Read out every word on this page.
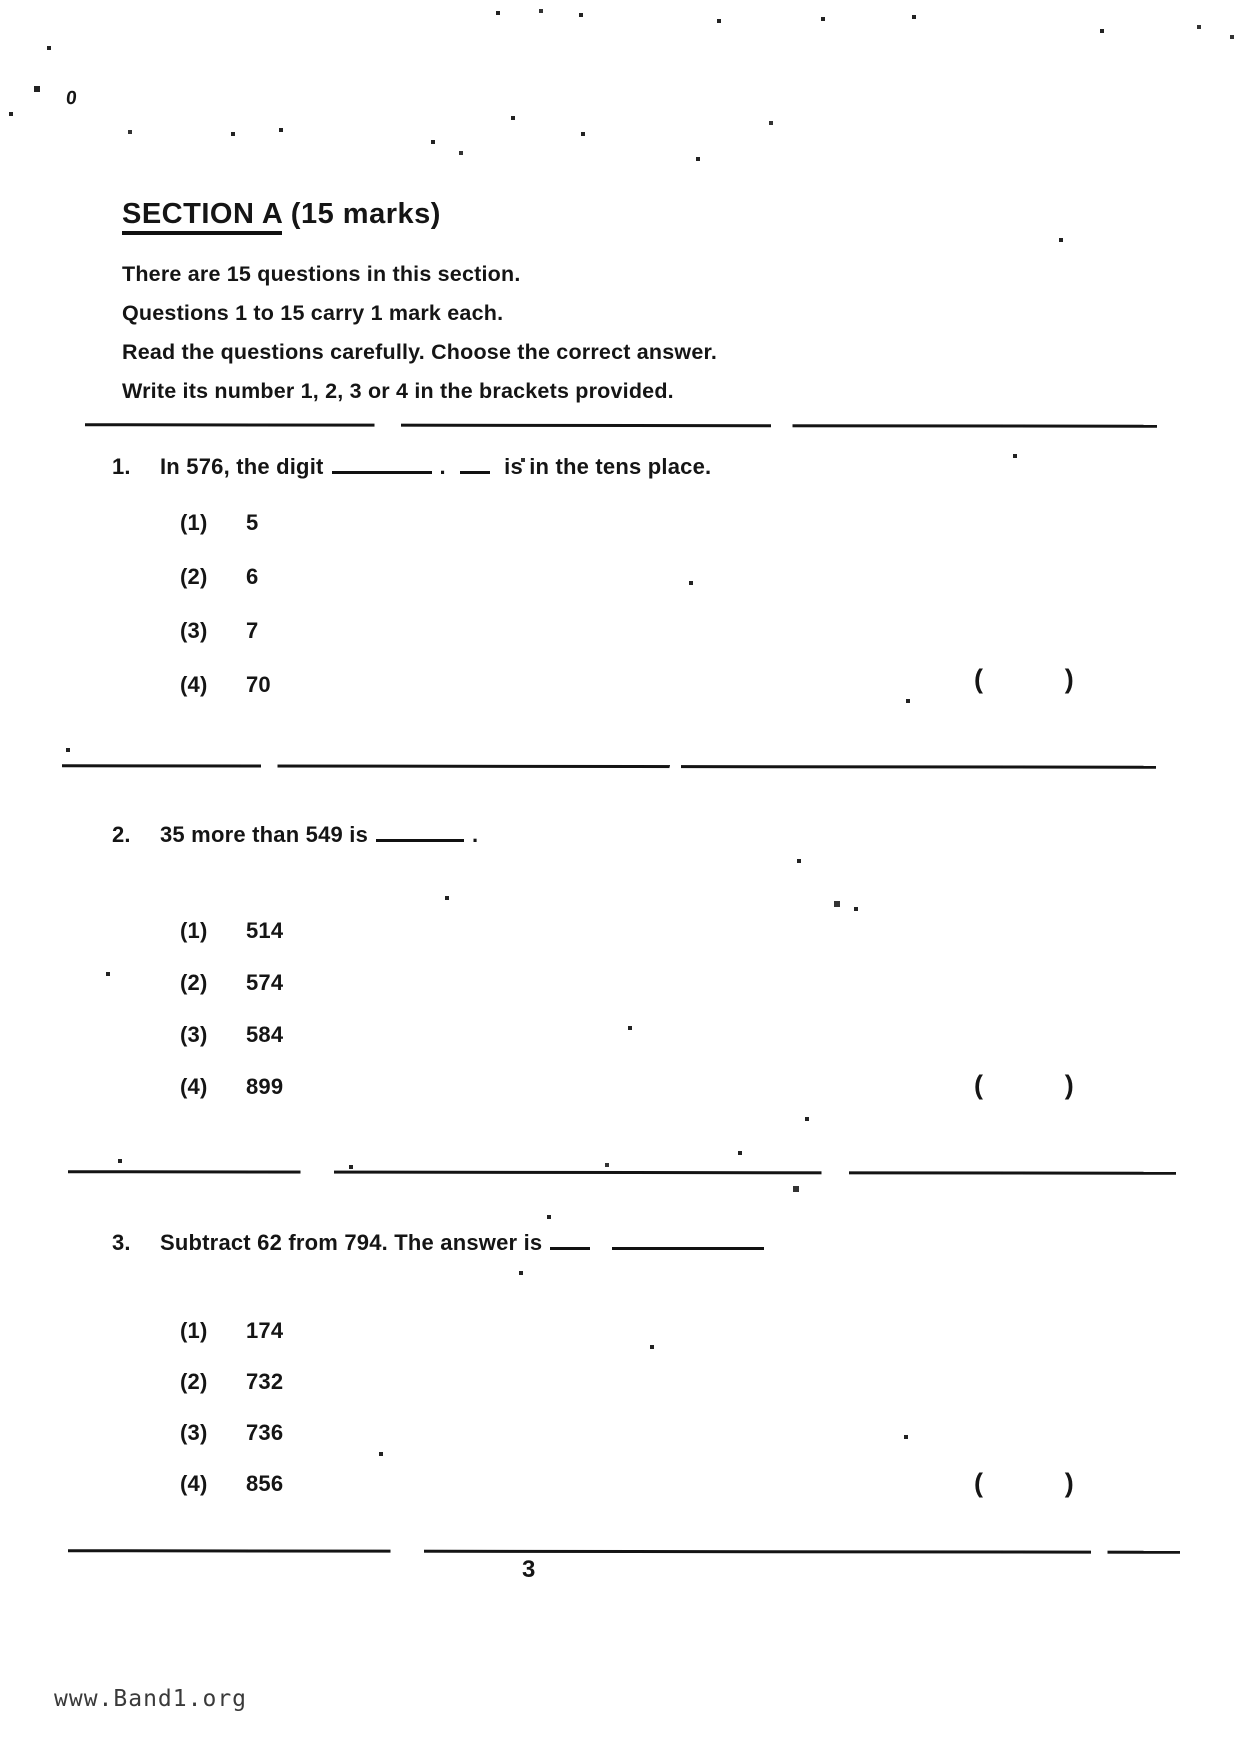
0
SECTION A (15 marks)
There are 15 questions in this section.
Questions 1 to 15 carry 1 mark each.
Read the questions carefully. Choose the correct answer.
Write its number 1, 2, 3 or 4 in the brackets provided.
1.	In 576, the digit	.	is in the tens place.
(1)	5
(2)	6
(3)	7
(4)	70	(	)
2.	35 more than 549 is	.
(1)	514
(2)	574
(3)	584
(4)	899	(	)
3.	Subtract 62 from 794. The answer is
(1)	174
(2)	732
(3)	736
(4)	856	(	)
3
www.Band1.org
